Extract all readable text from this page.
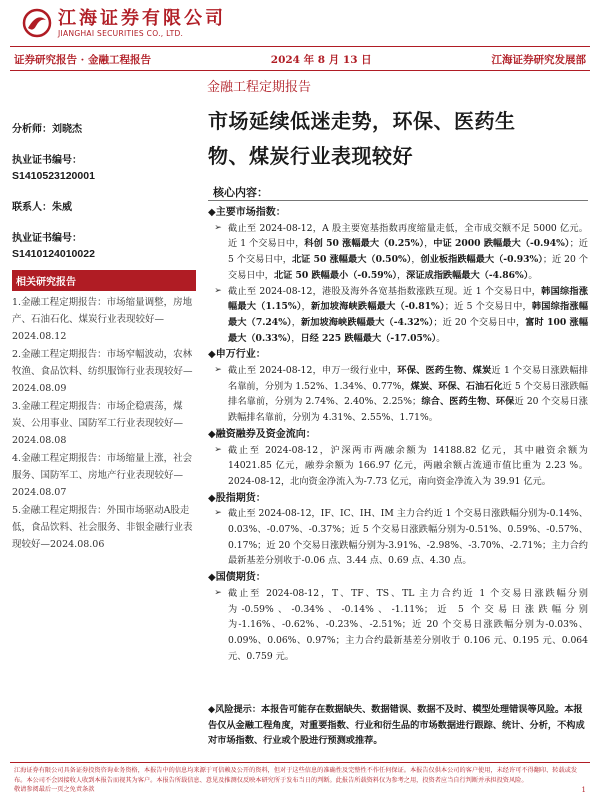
江海证券有限公司
JIANGHAI SECURITIES CO., LTD.
证券研究报告 · 金融工程报告	2024 年 8 月 13 日	江海证券研究发展部
金融工程定期报告
分析师：刘晓杰
执业证书编号：
S1410523120001
联系人：朱威
执业证书编号：
S1410124010022
相关研究报告
1.金融工程定期报告：市场缩量调整，房地产、石油石化、煤炭行业表现较好—2024.08.12
2.金融工程定期报告：市场窄幅波动，农林牧渔、食品饮料、纺织服饰行业表现较好—2024.08.09
3.金融工程定期报告：市场企稳震荡，煤炭、公用事业、国防军工行业表现较好—2024.08.08
4.金融工程定期报告：市场缩量上涨，社会服务、国防军工、房地产行业表现较好—2024.08.07
5.金融工程定期报告：外围市场驱动A股走低，食品饮料、社会服务、非银金融行业表现较好—2024.08.06
市场延续低迷走势，环保、医药生
物、煤炭行业表现较好
核心内容：
◆主要市场指数：
➢ 截止至 2024-08-12，A 股主要宽基指数再度缩量走低，全市成交额不足 5000 亿元。近 1 个交易日中，科创 50 涨幅最大（0.25%），中证 2000 跌幅最大（-0.94%）；近 5 个交易日中，北证 50 涨幅最大（0.50%），创业板指跌幅最大（-0.93%）；近 20 个交易日中，北证 50 跌幅最小（-0.59%），深证成指跌幅最大（-4.86%）。
➢ 截止至 2024-08-12，港股及海外各宽基指数涨跌互现。近 1 个交易日中，韩国综指涨幅最大（1.15%），新加坡海峡跌幅最大（-0.81%）；近 5 个交易日中，韩国综指涨幅最大（7.24%），新加坡海峡跌幅最大（-4.32%）；近 20 个交易日中，富时 100 涨幅最大（0.33%），日经 225 跌幅最大（-17.05%）。
◆申万行业：
➢ 截止至 2024-08-12，申万一级行业中，环保、医药生物、煤炭近 1 个交易日涨跌幅排名靠前，分别为 1.52%、1.34%、0.77%，煤炭、环保、石油石化近 5 个交易日涨跌幅排名靠前，分别为 2.74%、2.40%、2.25%；综合、医药生物、环保近 20 个交易日涨跌幅排名靠前，分别为 4.31%、2.55%、1.71%。
◆融资融券及资金流向：
➢ 截止至 2024-08-12，沪深两市两融余额为 14188.82 亿元，其中融资余额为 14021.85 亿元，融券余额为 166.97 亿元，两融余额占流通市值比重为 2.23 %。2024-08-12，北向资金净流入为-7.73 亿元，南向资金净流入为 39.91 亿元。
◆股指期货：
➢ 截止至 2024-08-12，IF、IC、IH、IM 主力合约近 1 个交易日涨跌幅分别为-0.14%、0.03%、-0.07%、-0.37%；近 5 个交易日涨跌幅分别为-0.51%、0.59%、-0.57%、0.17%；近 20 个交易日涨跌幅分别为-3.91%、-2.98%、-3.70%、-2.71%；主力合约最新基差分别收于-0.06 点、3.44 点、0.69 点、4.30 点。
◆国债期货：
➢ 截止至 2024-08-12，T、TF、TS、TL 主力合约近 1 个交易日涨跌幅分别为-0.59%、-0.34%、-0.14%、-1.11%；近 5 个交易日涨跌幅分别为-1.16%、-0.62%、-0.23%、-2.51%；近 20 个交易日涨跌幅分别为-0.03%、0.09%、0.06%、0.97%；主力合约最新基差分别收于 0.106 元、0.195 元、0.064 元、0.759 元。
◆风险提示：本报告可能存在数据缺失、数据错误、数据不及时、模型处理错误等风险。本报告仅从金融工程角度，对重要指数、行业和衍生品的市场数据进行跟踪、统计、分析，不构成对市场指数、行业或个股进行预测或推荐。
江海证券有限公司具备证券投资咨询业务资格，本报告中的信息均来源于可信赖及公开的资料，但对于这些信息的准确性及完整性不作任何保证。本报告仅供本公司的客户使用，未经许可不得翻印、转载或发布。本公司不会因接收人收到本报告而视其为客户。本报告所载信息、意见及推测仅反映本研究所于发布当日的判断。此报告所载资料仅为参考之用，投资者应当自行判断并承担投资风险。
敬请参阅最后一页之免责条款	1
